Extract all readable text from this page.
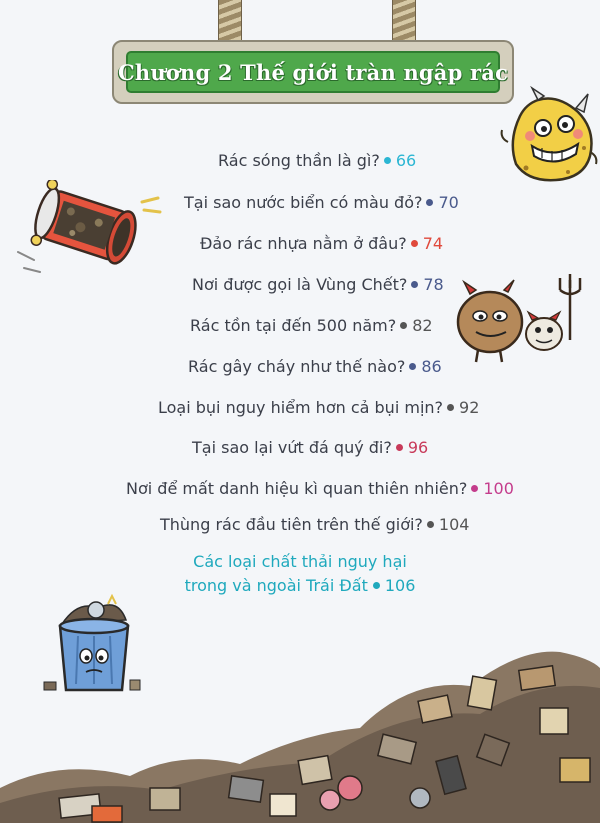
Chương 2 Thế giới tràn ngập rác
Rác sóng thần là gì? 66
Tại sao nước biển có màu đỏ? 70
Đảo rác nhựa nằm ở đâu? 74
Nơi được gọi là Vùng Chết? 78
Rác tồn tại đến 500 năm? 82
Rác gây cháy như thế nào? 86
Loại bụi nguy hiểm hơn cả bụi mịn? 92
Tại sao lại vứt đá quý đi? 96
Nơi để mất danh hiệu kì quan thiên nhiên? 100
Thùng rác đầu tiên trên thế giới? 104
Các loại chất thải nguy hại
trong và ngoài Trái Đất 106
